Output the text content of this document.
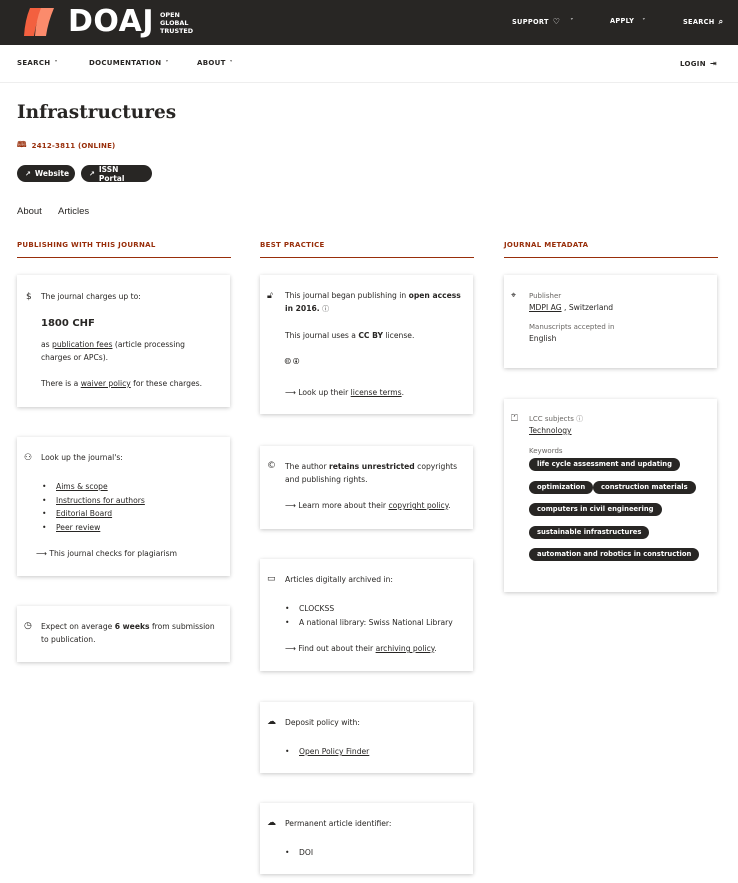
DOAJ OPEN
GLOBAL
TRUSTED
SUPPORT ♡ ˅	APPLY ˅	SEARCH ⌕
SEARCH ˅	DOCUMENTATION ˅	ABOUT ˅	LOGIN ⇥
Infrastructures
🕮 2412-3811 (ONLINE)
↗ Website	↗ ISSN Portal
About Articles
PUBLISHING WITH THIS JOURNAL	BEST PRACTICE	JOURNAL METADATA
$ The journal charges up to:
1800 CHF
as publication fees (article processing
charges or APCs).
There is a waiver policy for these charges.
⚇ Look up the journal's:
• Aims & scope
• Instructions for authors
• Editorial Board
• Peer review
⟶ This journal checks for plagiarism
◷ Expect on average 6 weeks from submission
to publication.
🔓︎ This journal began publishing in open access
in 2016. ⓘ
This journal uses a CC BY license.
🅭 🅯
⟶ Look up their license terms.
© The author retains unrestricted copyrights
and publishing rights.
⟶ Learn more about their copyright policy.
▭ Articles digitally archived in:
• CLOCKSS
• A national library: Swiss National Library
⟶ Find out about their archiving policy.
☁ Deposit policy with:
• Open Policy Finder
☁ Permanent article identifier:
• DOI
⌖ Publisher
MDPI AG , Switzerland
Manuscripts accepted in
English
⏍ LCC subjects ⓘ
Technology
Keywords
life cycle assessment and updating
optimization	construction materials
computers in civil engineering
sustainable infrastructures
automation and robotics in construction
